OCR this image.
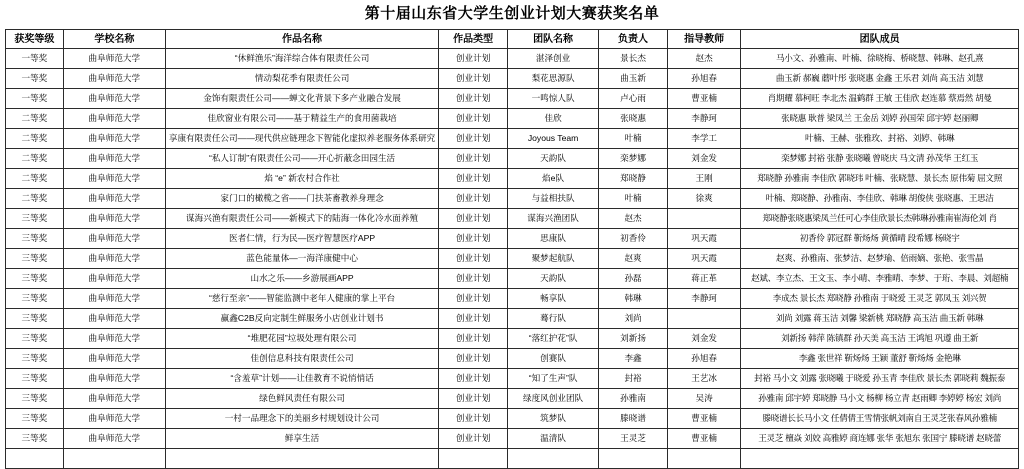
第十届山东省大学生创业计划大赛获奖名单
获奖等级	学校名称	作品名称	作品类型	团队名称	负责人	指导教师	团队成员
一等奖	曲阜师范大学	“休鲜渔乐”海洋综合体有限责任公司	创业计划	湛泽创业	景长杰	赵杰	马小文、孙雅南、叶楠、徐晓梅、桥晓慧、韩琳、赵孔熹
一等奖	曲阜师范大学	情动梨花季有限责任公司	创业计划	梨花思源队	曲玉新	孙旭春	曲玉新 郝巍 蘑叶彤 张晓惠 金鑫 王乐君 刘尚 高玉洁 刘慧
一等奖	曲阜师范大学	金饰有限责任公司——蝉文化背景下多产业融合发展	创业计划	一鸣惊人队	卢心雨	曹亚楠	肖期耀 慕柯旺 李北杰 温鹤群 王敏 王佳欣 赵连慕 蔡焉然 胡曼
二等奖	曲阜师范大学	佳欣窗业有限公司——基于精益生产的食用菌栽培	创业计划	佳欣	张晓惠	李静珂	张晓惠 耿普 梁凤兰 王金岳 刘婷 孙国荣 邱宇婷 赵丽卿
二等奖	曲阜师范大学	享康有限责任公司——现代供应链理念下智能化虚拟养老服务体系研究	创业计划	Joyous Team	叶楠	李学工	叶楠、王赫、张雅玫、封裕、刘婷、韩琳
二等奖	曲阜师范大学	“私人订制”有限责任公司——开心折蔽念田园生活	创业计划	天韵队	栾梦娜	刘金发	栾梦娜 封裕 张静 张晓曦 曾晓庆 马文清 孙茂华 王红玉
二等奖	曲阜师范大学	焰 “e” 新农村合作社	创业计划	焰e队	郑晓静	王刚	郑晓静 孙雅南 李佳欣 郭晓玮 叶楠、张晓慧、景长杰 原伟菊 屈文照
二等奖	曲阜师范大学	家门口的橄榄之省——门扶茶畜教养身理念	创业计划	与益相扶队	叶楠	徐爽	叶楠、郑晓静、孙雅南、李佳欣、韩琳 胡俊侠 张晓惠、王思洁
三等奖	曲阜师范大学	谋海兴渔有限责任公司——新模式下的陆海一体化冷水面养殖	创业计划	谋海兴渔团队	赵杰		郑晓静张晓惠梁凤兰任可心李佳欣景长杰韩琳孙雅南崔海伦刘 肖
三等奖	曲阜师范大学	医者仁情，行为民—医疗智慧医疗APP	创业计划	思康队	初香伶	巩天霞	初香伶 郭冠群 靳炀炀 黄循晴 段希娜 杨晓宇
三等奖	曲阜师范大学	蓝色能量体—一海洋康健中心	创业计划	聚梦起航队	赵爽	巩天霞	赵爽、孙雅南、张梦洁、赵梦瑜、倍雨嫡、张艳、张雪晶
三等奖	曲阜师范大学	山水之乐——乡游展画APP	创业计划	天韵队	孙磊	蒋正革	赵斌、李立杰、王文玉、李小晴、李雅晴、李梦、于珩、李晨、刘超楠
三等奖	曲阜师范大学	“慈行至亲”——智能监测中老年人健康的掌上平台	创业计划	畅享队	韩琳	李静珂	李成杰 景长杰 郑晓静 孙雅南 于晓爱 王灵芝 郭凤玉 刘兴贺
三等奖	曲阜师范大学	赢鑫C2B反向定制生鲜服务小店创业计划书	创业计划	蓦行队	刘尚		刘尚 刘露 蒋玉洁 刘馨 梁新桃 郑晓静 高玉洁 曲玉新 韩琳
三等奖	曲阜师范大学	“堆肥花园”垃圾处理有限公司	创业计划	“落红护花”队	刘新扬	刘金发	刘新扬 韩萍 陈镇群 孙天美 高玉洁 王鸿旭 巩遵 曲王新
三等奖	曲阜师范大学	佳创信息科技有限责任公司	创业计划	创赛队	李鑫	孙旭春	李鑫 张世祥 靳炀炀 王颖 董舒 靳炀炀 金艳琳
三等奖	曲阜师范大学	“含羞草”计划——让佳教育不说悄悄话	创业计划	“知了生声”队	封裕	王艺冰	封裕 马小文 刘露 张晓曦 于晓爱 孙玉青 李佳欣 景长杰 郭晓莉 魏振泰
三等奖	曲阜师范大学	绿色鲜风责任有限公司	创业计划	绿度风创业团队	孙雅南	吴涛	孙雅南 邱宇婷 郑晓静 马小文 杨柳 杨立青 赵雨卿 李婷婷 杨宏 刘尚
三等奖	曲阜师范大学	一村一品理念下的美丽乡村规划设计公司	创业计划	筑梦队	滕晓谱	曹亚楠	滕晓谱长长马小文 任倩倩王雪情张帆刘南自王灵芝张春风孙雅楠
三等奖	曲阜师范大学	鲜享生活	创业计划	温清队	王灵芝	曹亚楠	王灵芝 檀焱 刘姣 高雅婷 商连娜 张华 张旭东 张国宁 滕晓谱 赵晓蕾
